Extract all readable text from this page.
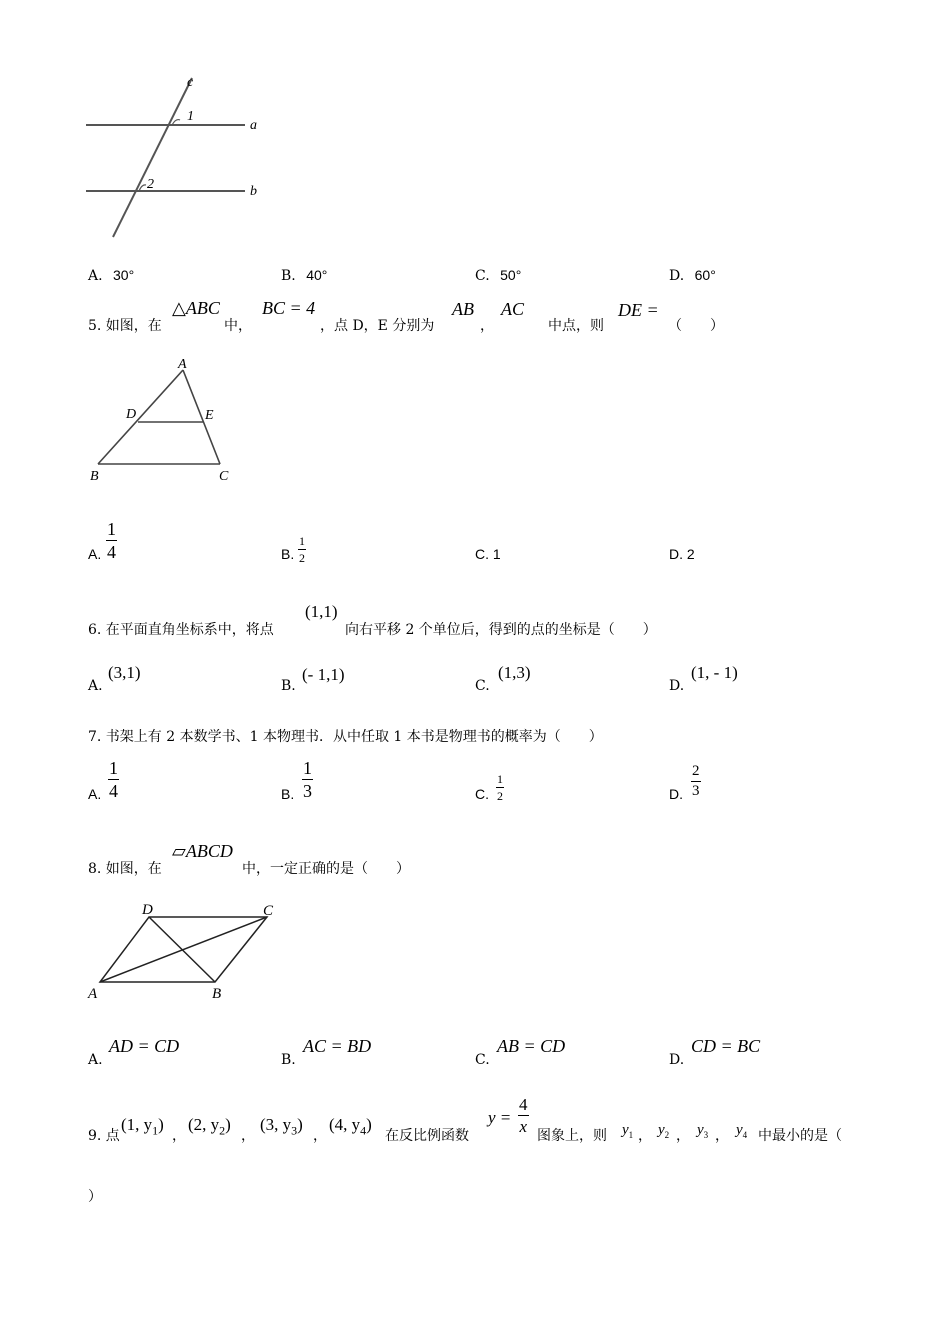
c
a
b
1
2
A. 30°	B. 40°	C. 50°	D. 60°
5. 如图，在
△ABC
中，
BC = 4
，点 D，E 分别为
AB
，
AC
中点，则
DE =
（　　）
A
B	C
D	E
A.
1
4	B.
1
2	C. 1	D. 2
6. 在平面直角坐标系中，将点
(1,1)
向右平移 2 个单位后，得到的点的坐标是（　　）
A.
(3,1)
B.
(- 1,1)
C.
(1,3)
D.
(1, - 1)
7. 书架上有 2 本数学书、1 本物理书．从中任取 1 本书是物理书的概率为（　　）
A.
1
4	B.
1
3	C.
1
2	D.
2
3
8. 如图，在
▱ABCD
中，一定正确的是（　　）
A	B
C
D
A.
AD = CD
B.
AC = BD
C.
AB = CD
D.
CD = BC
9. 点
(1, $y_1$)
，
(2, $y_2$)
，
(3, $y_3$)
，
(4, $y_4$)
在反比例函数
y =
4
x 图象上，则 $y_1$ ， $y_2$ ， $y_3$ ， $y_4$ 中最小的是（
）
